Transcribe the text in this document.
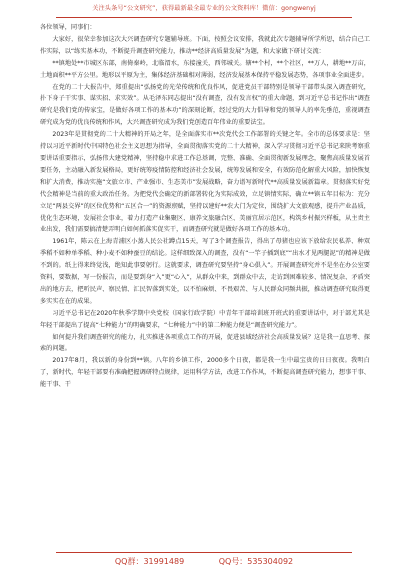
关注头条号“公文研究”，获得最新最全最专业的公文资料库！微信：gongwenyj

各位领导，同事们：

大家好，很荣幸参加这次大兴调查研究专题辅导班。下面，按照会议安排，我就此次专题辅导所学所思，结合自己工作实际，以“练实基本功，不断提升调查研究能力，推动**经济高质量发展”为题，和大家做下研讨交流：

**镇地处**市城区东部，南倚秦岭，北临渭水，东接潼关，西邻城关。辖**个村，**个社区，**万人，耕地**万亩，土地面积**平方公里。地形以平原为主，集体经济基础相对薄弱，经济发展基本保持平稳发展态势，各项事业全面进步。

在党的二十大报告中，郑重提出“弘扬党的光荣传统和优良作风，促进党员干部特别是领导干部带头深入调查研究，扑下身子干实事、谋实招、求实效”。从毛泽东同志提出“没有调查，没有发言权”的重大命题，到习近平总书记作出“调查研究是我们党的传家宝，是做好各项工作的基本功”的深刻论断，经过党的大力倡导和党的领导人的率先垂范，重视调查研究成为党的优良传统和作风，大兴调查研究成为我们党创造百年伟业的重要法宝。

2023年是贯彻党的二十大精神的开局之年，是全面落实市**次党代会工作部署的关键之年。全市的总体要求是：坚持以习近平新时代中国特色社会主义思想为指导，全面贯彻落实党的二十大精神，深入学习贯彻习近平总书记来陕考察重要讲话重要指示，弘扬伟大建党精神，坚持稳中求进工作总基调，完整、准确、全面贯彻新发展理念，聚焦高质量发展首要任务，主动融入新发展格局，更好统筹疫情防控和经济社会发展，统筹发展和安全，有效防范化解重大风险，加快恢复和扩大消费，推动实施“文旅立市、产业强市、生态美市”发展战略，奋力谱写新时代**高质量发展新篇章。贯彻落实好党代会精神是当前的重大政治任务。为把党代会确定的新部署转化为实际成效，立足镇情实际，确立**镇五年目标为：充分立足“两县交界”的区位优势和“五区合一”的资源禀赋，坚持以建好**农大门为定位，围绕扩大文旅观感，提升产业品质，优化生态环境，发展社会事业，着力打造产业集聚区、康养文旅融合区、美丽宜居示范区，构筑乡村振兴样板，从主责主业出发，我们需要搞清楚弄明白如何抓落实促实干，而调查研究就是做好各项工作的基本功。

1961年，陈云在上海青浦区小蒸人民公社蹲点15天，写了3个调查报告，得出了母猪也应该下放给农民私养、种双季稻不如种单季稻、种小麦不如种蚕豆的结论。这样细致深入的调查，没有“一竿子插到底”“出水才见两腿泥”的精神是做不到的。纸上得来终觉浅，绝知此事要躬行。这就要求，调查研究要坚持“身心俱入”。开展调查研究并不是坐在办公室要资料，要数据，写一份报告，而是要到身“入”更“心入”，从群众中来，到群众中去，走访到困难较多、情况复杂、矛盾突出的地方去，把听民声、察民情、汇民智落到实处，以不怕麻烦、不畏艰苦、与人民群众同频共振，推动调查研究取得更多实实在在的成果。

习近平总书记在2020年秋季学期中央党校（国家行政学院）中青年干部培训班开班式的重要讲话中，对于部尤其是年轻干部提出了提高“七种能力”的明确要求，“七种能力”中的第二种能力便是“调查研究能力”。

如何提升我们调查研究的能力，扎实推进各项重点工作的开展，促进县域经济社会高质量发展？这是我一直思考、探索的问题。

2017年8月，我以新的身份到**镇。八年的乡镇工作，2000多个日夜，都是我一生中最宝贵的日日夜夜。我明白了，新时代，年轻干部要有准确把握调研特点规律，运用科学方法，改进工作作风，不断提高调查研究能力，想事干事、能干事、干

QQ群：31991489	QQ号：535304092
